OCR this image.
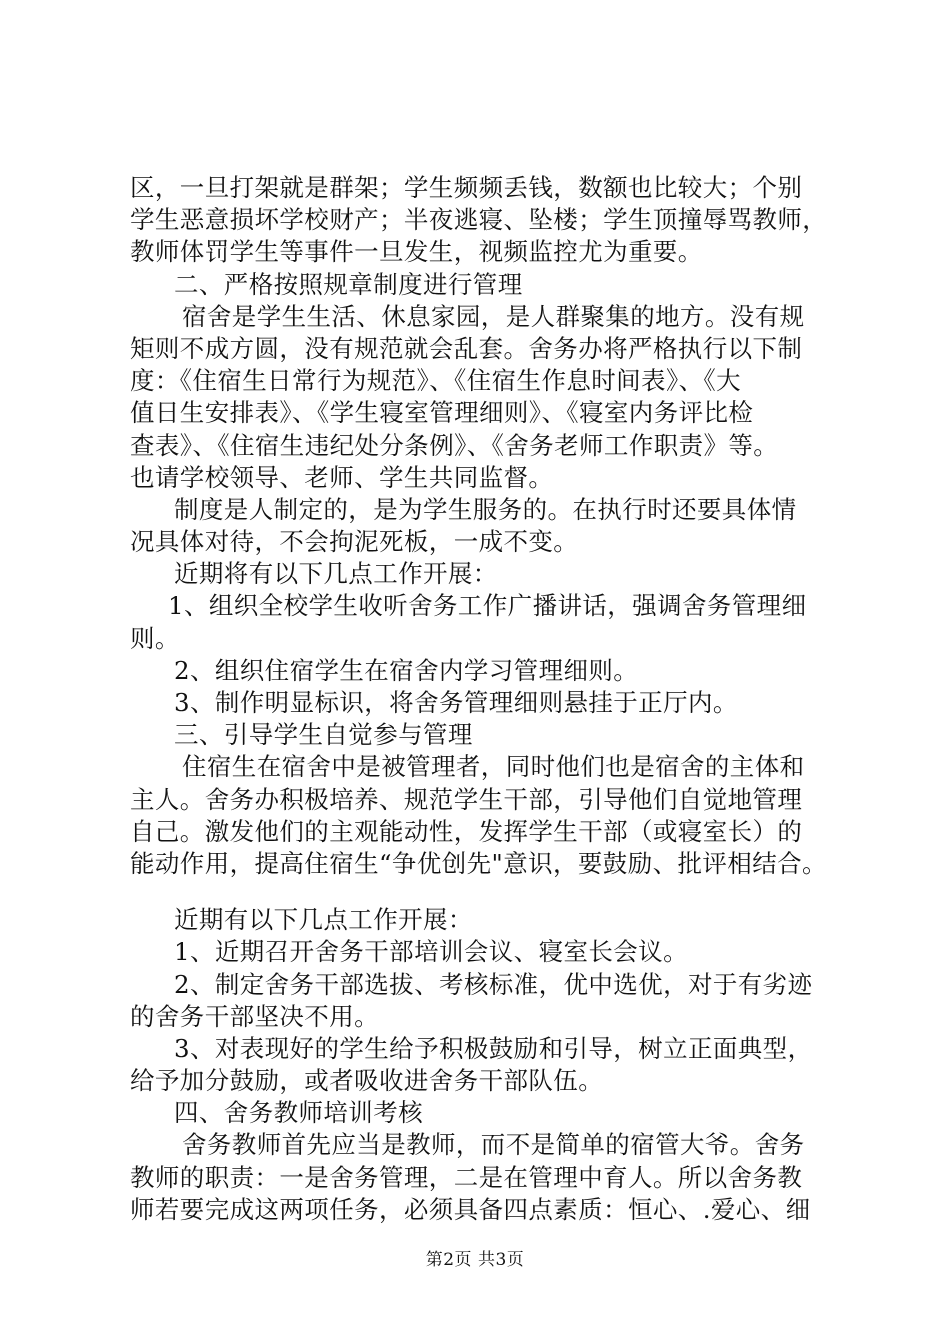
区，一旦打架就是群架；学生频频丢钱，数额也比较大；个别
学生恶意损坏学校财产；半夜逃寝、坠楼；学生顶撞辱骂教师，
教师体罚学生等事件一旦发生，视频监控尤为重要。
二、严格按照规章制度进行管理
宿舍是学生生活、休息家园，是人群聚集的地方。没有规
矩则不成方圆，没有规范就会乱套。舍务办将严格执行以下制
度：《住宿生日常行为规范》、《住宿生作息时间表》、《大
值日生安排表》、《学生寝室管理细则》、《寝室内务评比检
查表》、《住宿生违纪处分条例》、《舍务老师工作职责》等。
也请学校领导、老师、学生共同监督。
制度是人制定的，是为学生服务的。在执行时还要具体情
况具体对待，不会拘泥死板，一成不变。
近期将有以下几点工作开展：
1、组织全校学生收听舍务工作广播讲话，强调舍务管理细
则。
2、组织住宿学生在宿舍内学习管理细则。
3、制作明显标识，将舍务管理细则悬挂于正厅内。
三、引导学生自觉参与管理
住宿生在宿舍中是被管理者，同时他们也是宿舍的主体和
主人。舍务办积极培养、规范学生干部，引导他们自觉地管理
自己。激发他们的主观能动性，发挥学生干部（或寝室长）的
能动作用，提高住宿生“争优创先"意识，要鼓励、批评相结合。
近期有以下几点工作开展：
1、近期召开舍务干部培训会议、寝室长会议。
2、制定舍务干部选拔、考核标准，优中选优，对于有劣迹
的舍务干部坚决不用。
3、对表现好的学生给予积极鼓励和引导，树立正面典型，
给予加分鼓励，或者吸收进舍务干部队伍。
四、舍务教师培训考核
舍务教师首先应当是教师，而不是简单的宿管大爷。舍务
教师的职责：一是舍务管理，二是在管理中育人。所以舍务教
师若要完成这两项任务，必须具备四点素质：恒心、.爱心、细
第2页 共3页
